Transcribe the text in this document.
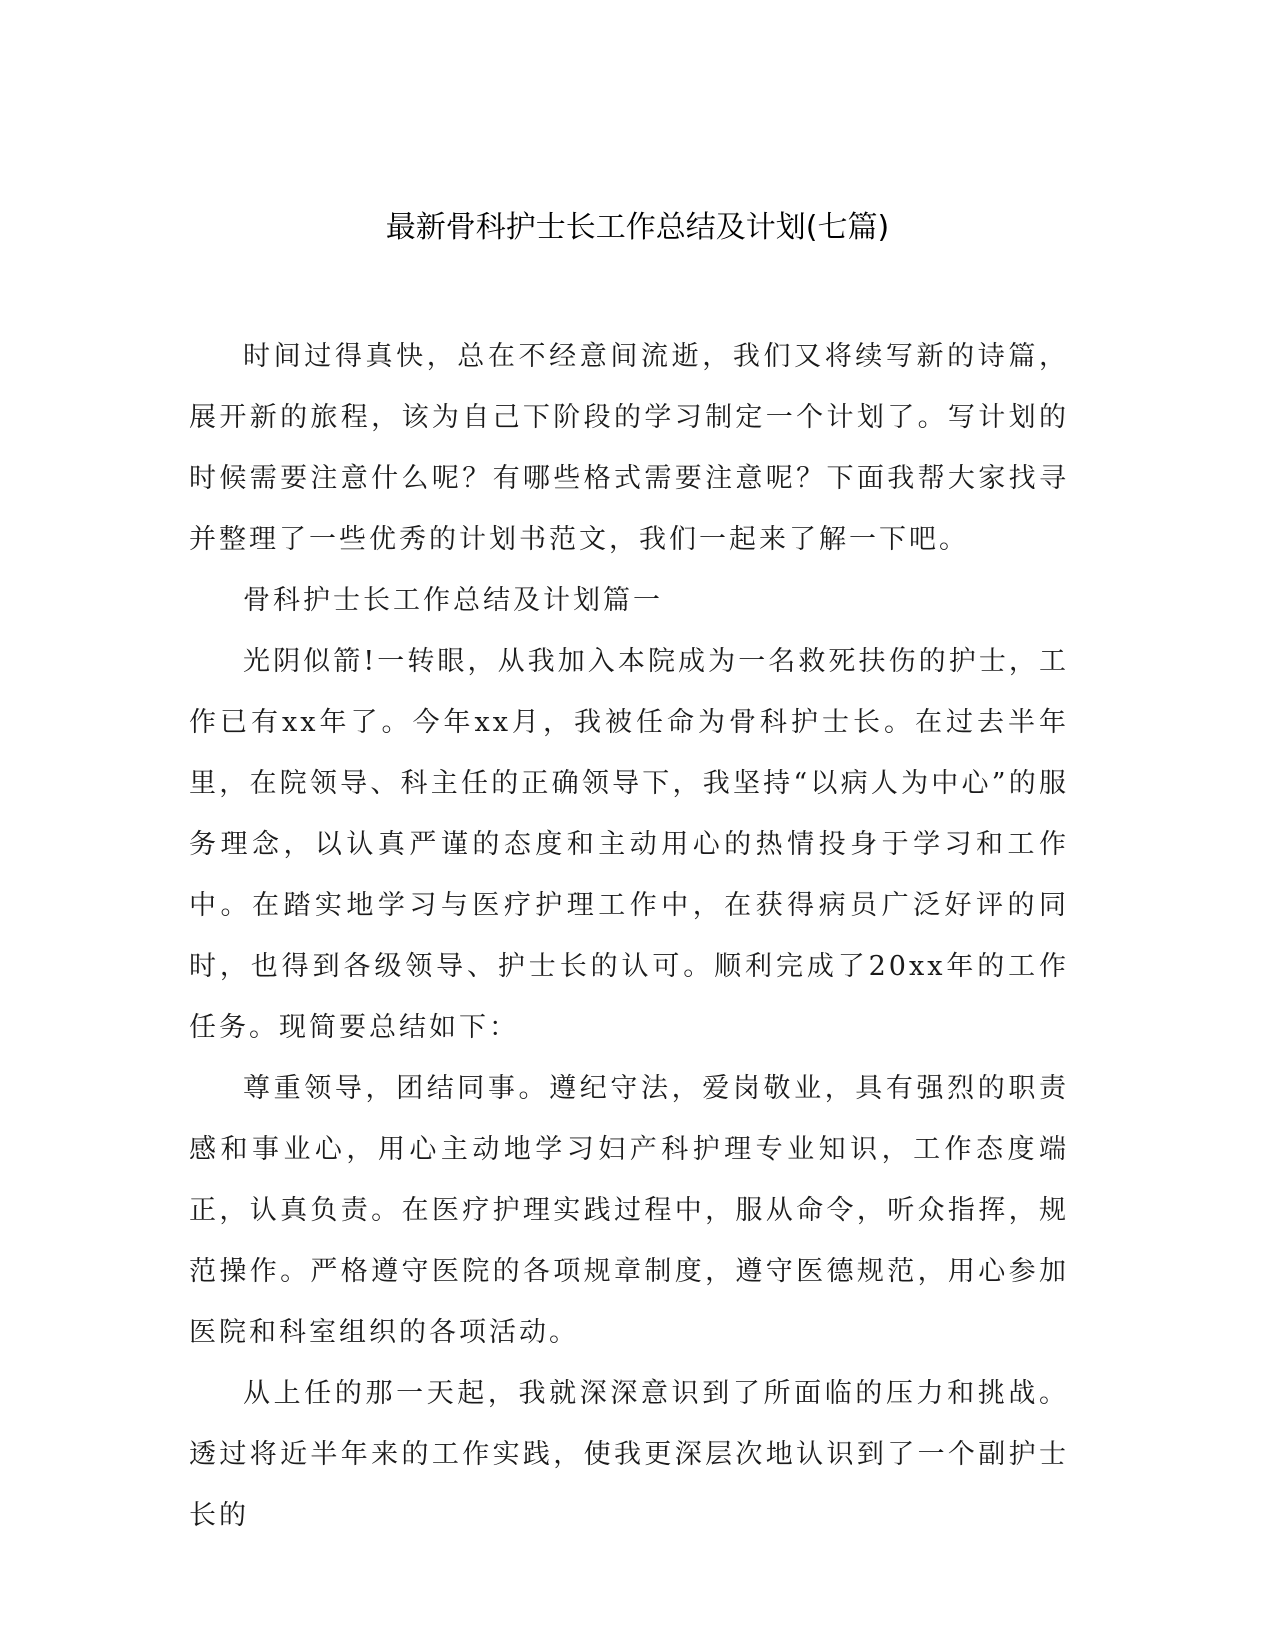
最新骨科护士长工作总结及计划(七篇)

时间过得真快，总在不经意间流逝，我们又将续写新的诗篇，展开新的旅程，该为自己下阶段的学习制定一个计划了。写计划的时候需要注意什么呢？有哪些格式需要注意呢？下面我帮大家找寻并整理了一些优秀的计划书范文，我们一起来了解一下吧。

骨科护士长工作总结及计划篇一

光阴似箭!一转眼，从我加入本院成为一名救死扶伤的护士，工作已有xx年了。今年xx月，我被任命为骨科护士长。在过去半年里，在院领导、科主任的正确领导下，我坚持“以病人为中心”的服务理念，以认真严谨的态度和主动用心的热情投身于学习和工作中。在踏实地学习与医疗护理工作中，在获得病员广泛好评的同时，也得到各级领导、护士长的认可。顺利完成了20xx年的工作任务。现简要总结如下：

尊重领导，团结同事。遵纪守法，爱岗敬业，具有强烈的职责感和事业心，用心主动地学习妇产科护理专业知识，工作态度端正，认真负责。在医疗护理实践过程中，服从命令，听众指挥，规范操作。严格遵守医院的各项规章制度，遵守医德规范，用心参加医院和科室组织的各项活动。

从上任的那一天起，我就深深意识到了所面临的压力和挑战。透过将近半年来的工作实践，使我更深层次地认识到了一个副护士长的
